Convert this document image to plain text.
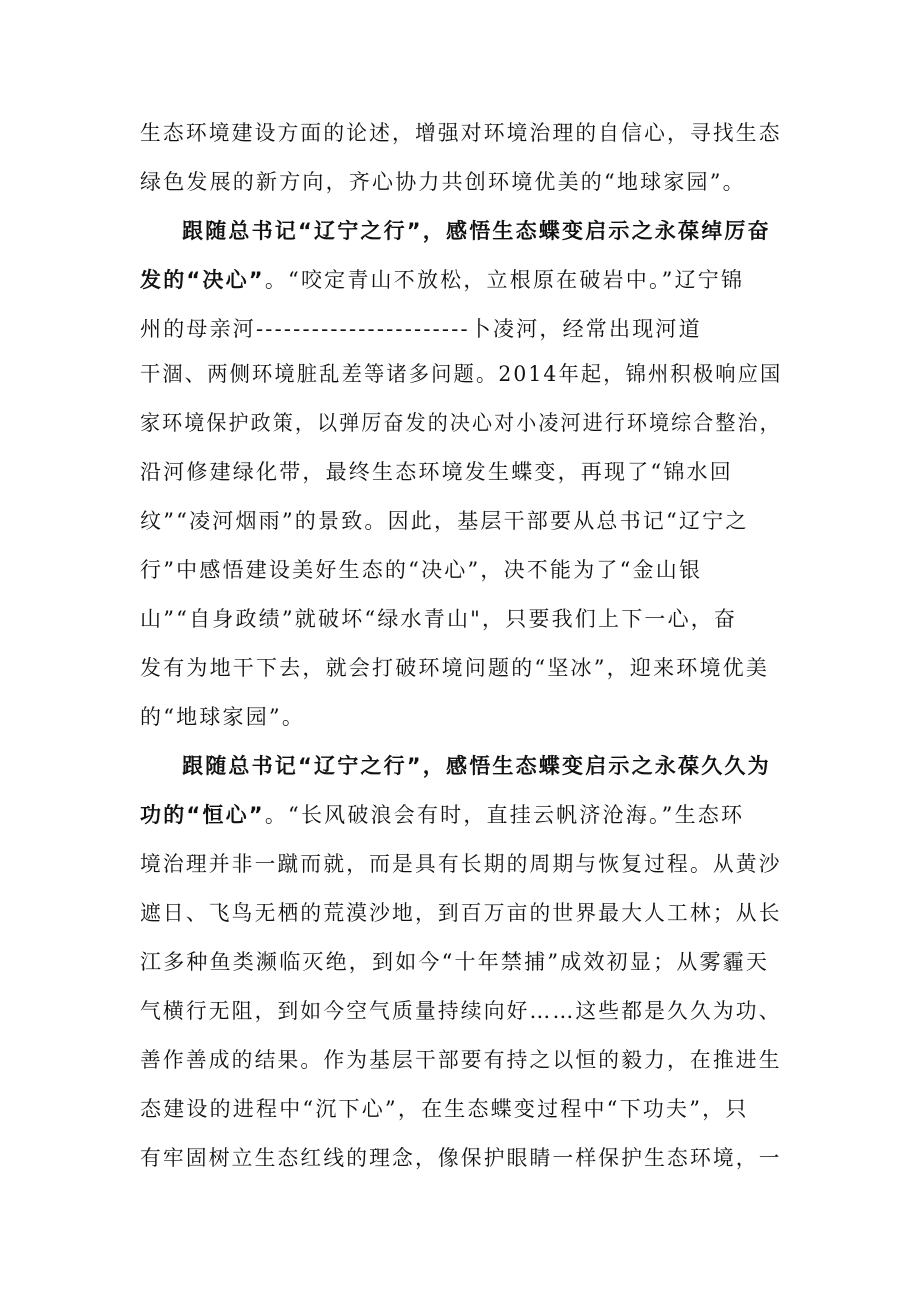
生态环境建设方面的论述，增强对环境治理的自信心，寻找生态
绿色发展的新方向，齐心协力共创环境优美的“地球家园”。
跟随总书记“辽宁之行”，感悟生态蝶变启示之永葆绰厉奋
发的“决心”。“咬定青山不放松，立根原在破岩中。”辽宁锦
州的母亲河-----------------------卜凌河，经常出现河道
干涸、两侧环境脏乱差等诸多问题。2014年起，锦州积极响应国
家环境保护政策，以弹厉奋发的决心对小凌河进行环境综合整治，
沿河修建绿化带，最终生态环境发生蝶变，再现了“锦水回
纹”“凌河烟雨”的景致。因此，基层干部要从总书记“辽宁之
行”中感悟建设美好生态的“决心”，决不能为了“金山银
山”“自身政绩”就破坏“绿水青山"，只要我们上下一心，奋
发有为地干下去，就会打破环境问题的“坚冰”，迎来环境优美
的“地球家园”。
跟随总书记“辽宁之行”，感悟生态蝶变启示之永葆久久为
功的“恒心”。“长风破浪会有时，直挂云帆济沧海。”生态环
境治理并非一蹴而就，而是具有长期的周期与恢复过程。从黄沙
遮日、飞鸟无栖的荒漠沙地，到百万亩的世界最大人工林；从长
江多种鱼类濒临灭绝，到如今“十年禁捕”成效初显；从雾霾天
气横行无阻，到如今空气质量持续向好……这些都是久久为功、
善作善成的结果。作为基层干部要有持之以恒的毅力，在推进生
态建设的进程中“沉下心”，在生态蝶变过程中“下功夫”，只
有牢固树立生态红线的理念，像保护眼睛一样保护生态环境，一
